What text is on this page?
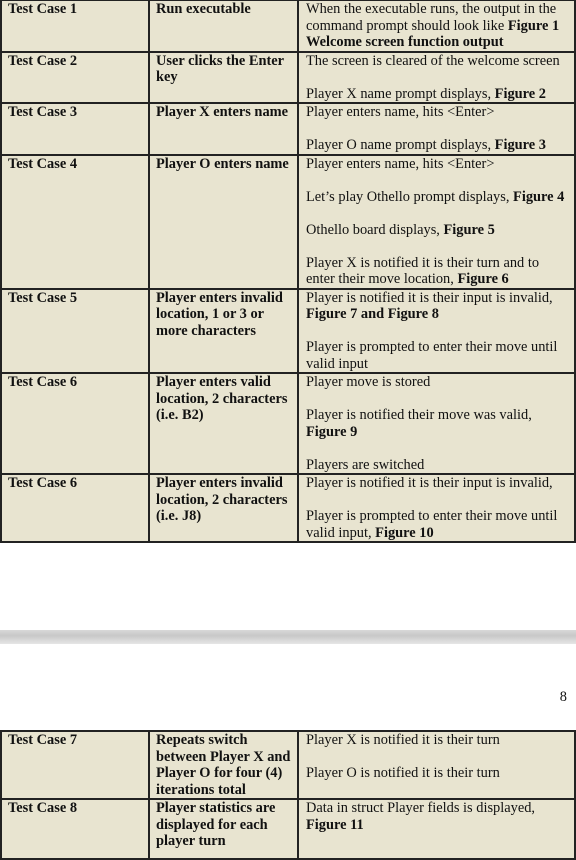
Test Case 1	Run executable	When the executable runs, the output in the command prompt should look like Figure 1 Welcome screen function output

Test Case 2	User clicks the Enter key	The screen is cleared of the welcome screen

Player X name prompt displays, Figure 2

Test Case 3	Player X enters name	Player enters name, hits <Enter>

Player O name prompt displays, Figure 3

Test Case 4	Player O enters name	Player enters name, hits <Enter>

Let’s play Othello prompt displays, Figure 4

Othello board displays, Figure 5

Player X is notified it is their turn and to enter their move location, Figure 6

Test Case 5	Player enters invalid location, 1 or 3 or more characters	Player is notified it is their input is invalid, Figure 7 and Figure 8

Player is prompted to enter their move until valid input

Test Case 6	Player enters valid location, 2 characters (i.e. B2)	Player move is stored

Player is notified their move was valid, Figure 9

Players are switched

Test Case 6	Player enters invalid location, 2 characters (i.e. J8)	Player is notified it is their input is invalid,

Player is prompted to enter their move until valid input, Figure 10

8
Test Case 7	Repeats switch between Player X and Player O for four (4) iterations total	Player X is notified it is their turn

Player O is notified it is their turn

Test Case 8	Player statistics are displayed for each player turn	Data in struct Player fields is displayed, Figure 11
